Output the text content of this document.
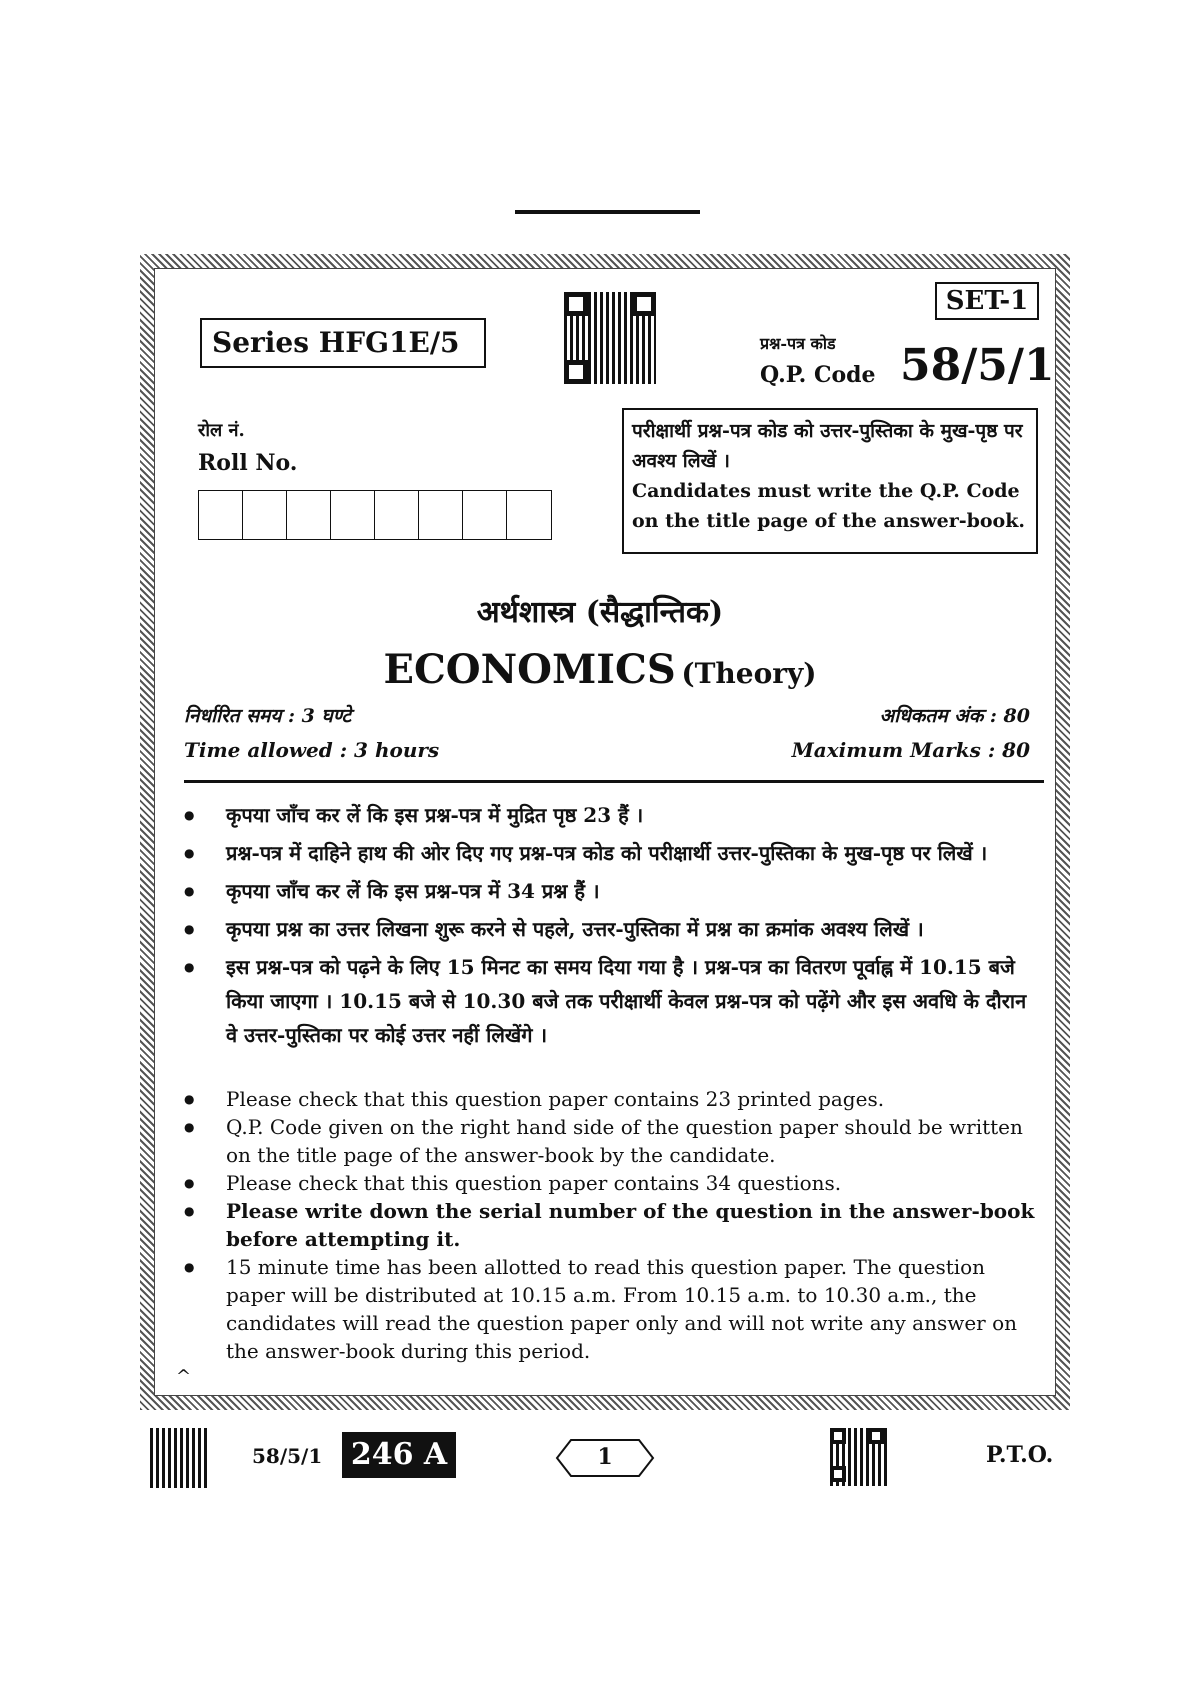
SET-1
Series HFG1E/5	प्रश्न-पत्र कोड
Q.P. Code 58/5/1
रोल नं.
Roll No.
परीक्षार्थी प्रश्न-पत्र कोड को उत्तर-पुस्तिका के मुख-पृष्ठ पर अवश्य लिखें ।
Candidates must write the Q.P. Code on the title page of the answer-book.
अर्थशास्त्र (सैद्धान्तिक)
ECONOMICS (Theory)
निर्धारित समय : 3 घण्टे
Time allowed : 3 hours
अधिकतम अंक : 80
Maximum Marks : 80
● कृपया जाँच कर लें कि इस प्रश्न-पत्र में मुद्रित पृष्ठ 23 हैं ।
● प्रश्न-पत्र में दाहिने हाथ की ओर दिए गए प्रश्न-पत्र कोड को परीक्षार्थी उत्तर-पुस्तिका के मुख-पृष्ठ पर लिखें ।
● कृपया जाँच कर लें कि इस प्रश्न-पत्र में 34 प्रश्न हैं ।
● कृपया प्रश्न का उत्तर लिखना शुरू करने से पहले, उत्तर-पुस्तिका में प्रश्न का क्रमांक अवश्य लिखें ।
● इस प्रश्न-पत्र को पढ़ने के लिए 15 मिनट का समय दिया गया है । प्रश्न-पत्र का वितरण पूर्वाह्न में 10.15 बजे किया जाएगा । 10.15 बजे से 10.30 बजे तक परीक्षार्थी केवल प्रश्न-पत्र को पढ़ेंगे और इस अवधि के दौरान वे उत्तर-पुस्तिका पर कोई उत्तर नहीं लिखेंगे ।
● Please check that this question paper contains 23 printed pages.
● Q.P. Code given on the right hand side of the question paper should be written on the title page of the answer-book by the candidate.
● Please check that this question paper contains 34 questions.
● Please write down the serial number of the question in the answer-book before attempting it.
● 15 minute time has been allotted to read this question paper. The question paper will be distributed at 10.15 a.m. From 10.15 a.m. to 10.30 a.m., the candidates will read the question paper only and will not write any answer on the answer-book during this period.
^
58/5/1 246 A	1	P.T.O.
